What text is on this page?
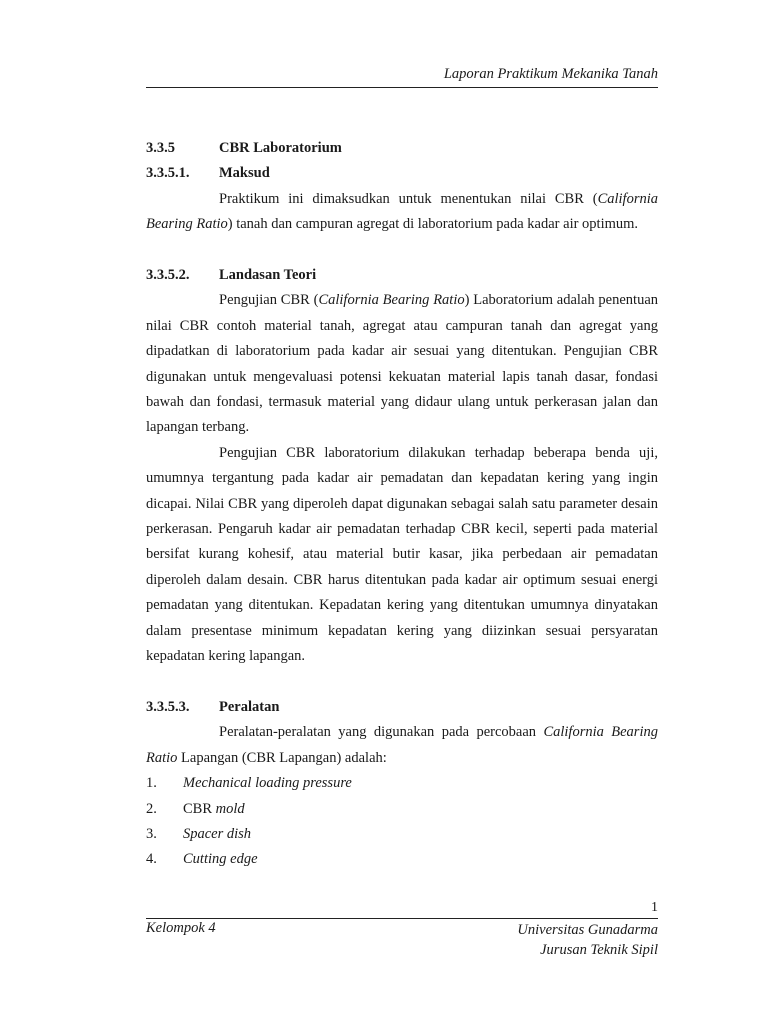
Laporan Praktikum Mekanika Tanah
3.3.5	CBR Laboratorium
3.3.5.1.	Maksud

Praktikum ini dimaksudkan untuk menentukan nilai CBR (California Bearing Ratio) tanah dan campuran agregat di laboratorium pada kadar air optimum.

3.3.5.2.	Landasan Teori

Pengujian CBR (California Bearing Ratio) Laboratorium adalah penentuan nilai CBR contoh material tanah, agregat atau campuran tanah dan agregat yang dipadatkan di laboratorium pada kadar air sesuai yang ditentukan. Pengujian CBR digunakan untuk mengevaluasi potensi kekuatan material lapis tanah dasar, fondasi bawah dan fondasi, termasuk material yang didaur ulang untuk perkerasan jalan dan lapangan terbang.

Pengujian CBR laboratorium dilakukan terhadap beberapa benda uji, umumnya tergantung pada kadar air pemadatan dan kepadatan kering yang ingin dicapai. Nilai CBR yang diperoleh dapat digunakan sebagai salah satu parameter desain perkerasan. Pengaruh kadar air pemadatan terhadap CBR kecil, seperti pada material bersifat kurang kohesif, atau material butir kasar, jika perbedaan air pemadatan diperoleh dalam desain. CBR harus ditentukan pada kadar air optimum sesuai energi pemadatan yang ditentukan. Kepadatan kering yang ditentukan umumnya dinyatakan dalam presentase minimum kepadatan kering yang diizinkan sesuai persyaratan kepadatan kering lapangan.

3.3.5.3.	Peralatan

Peralatan-peralatan yang digunakan pada percobaan California Bearing Ratio Lapangan (CBR Lapangan) adalah:

1.	Mechanical loading pressure
2.	CBR mold
3.	Spacer dish
4.	Cutting edge
1
Kelompok 4	Universitas Gunadarma
Jurusan Teknik Sipil
